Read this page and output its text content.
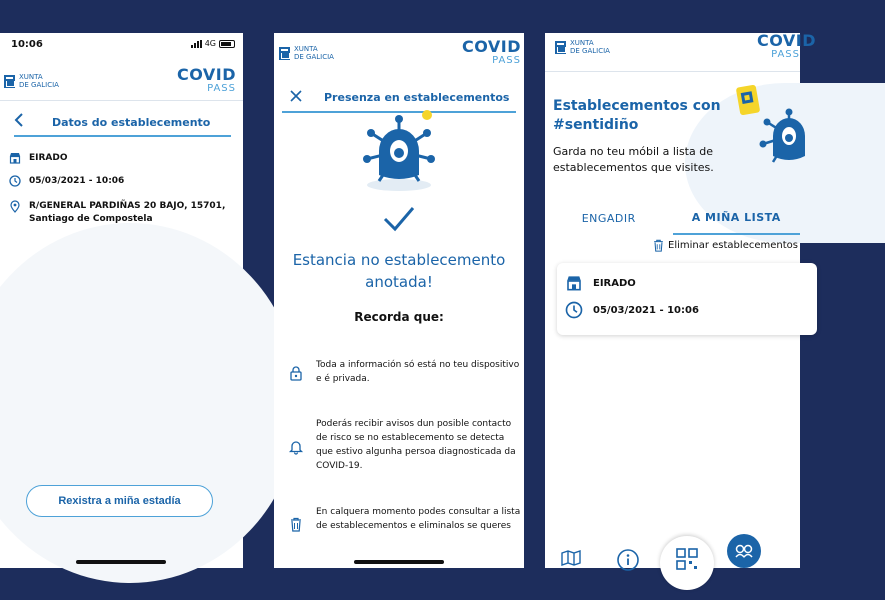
10:06	4G
XUNTA
DE GALICIA
COVID
PASS
Datos do establecemento
EIRADO
05/03/2021 - 10:06
R/GENERAL PARDIÑAS 20 BAJO, 15701, Santiago de Compostela
Rexistra a miña estadía
XUNTA
DE GALICIA
COVID
PASS
Presenza en establecementos
Estancia no establecemento anotada!
Recorda que:
Toda a información só está no teu dispositivo e é privada.
Poderás recibir avisos dun posible contacto de risco se no establecemento se detecta que estivo algunha persoa diagnosticada da COVID-19.
En calquera momento podes consultar a lista de establecementos e eliminalos se queres
XUNTA
DE GALICIA
COVID
PASS
Establecementos con #sentidiño
Garda no teu móbil a lista de establecementos que visites.
ENGADIR	A MIÑA LISTA
Eliminar establecementos
EIRADO
05/03/2021 - 10:06
